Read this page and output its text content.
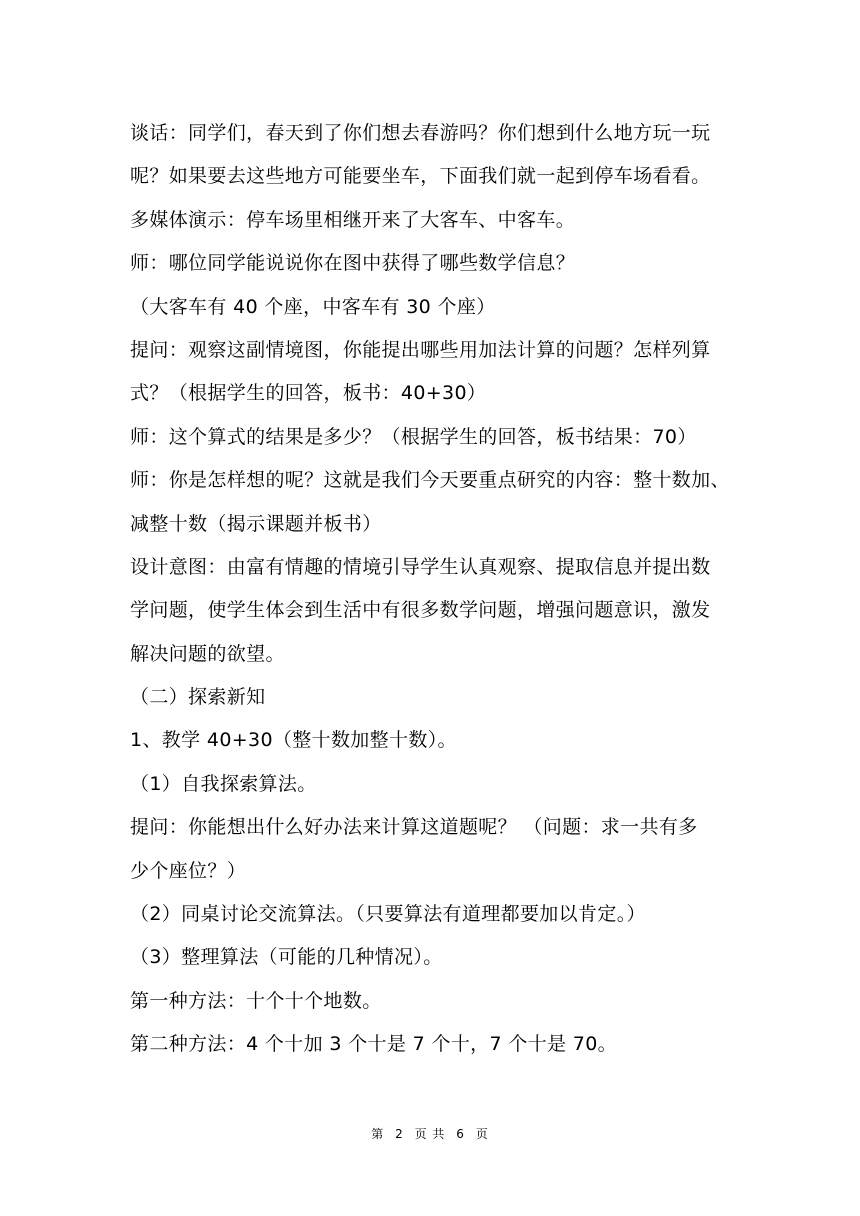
谈话：同学们，春天到了你们想去春游吗？你们想到什么地方玩一玩
呢？如果要去这些地方可能要坐车，下面我们就一起到停车场看看。
多媒体演示：停车场里相继开来了大客车、中客车。
师：哪位同学能说说你在图中获得了哪些数学信息？
（大客车有 40 个座，中客车有 30 个座）
提问：观察这副情境图，你能提出哪些用加法计算的问题？怎样列算
式？（根据学生的回答，板书：40+30）
师：这个算式的结果是多少？（根据学生的回答，板书结果：70）
师：你是怎样想的呢？这就是我们今天要重点研究的内容：整十数加、
减整十数（揭示课题并板书）
设计意图：由富有情趣的情境引导学生认真观察、提取信息并提出数
学问题，使学生体会到生活中有很多数学问题，增强问题意识，激发
解决问题的欲望。
（二）探索新知
1、教学 40+30（整十数加整十数）。
（1）自我探索算法。
提问：你能想出什么好办法来计算这道题呢？ （问题：求一共有多
少个座位？）
（2）同桌讨论交流算法。（只要算法有道理都要加以肯定。）
（3）整理算法（可能的几种情况）。
第一种方法：十个十个地数。
第二种方法：4 个十加 3 个十是 7 个十，7 个十是 70。
第 2 页 共 6 页
